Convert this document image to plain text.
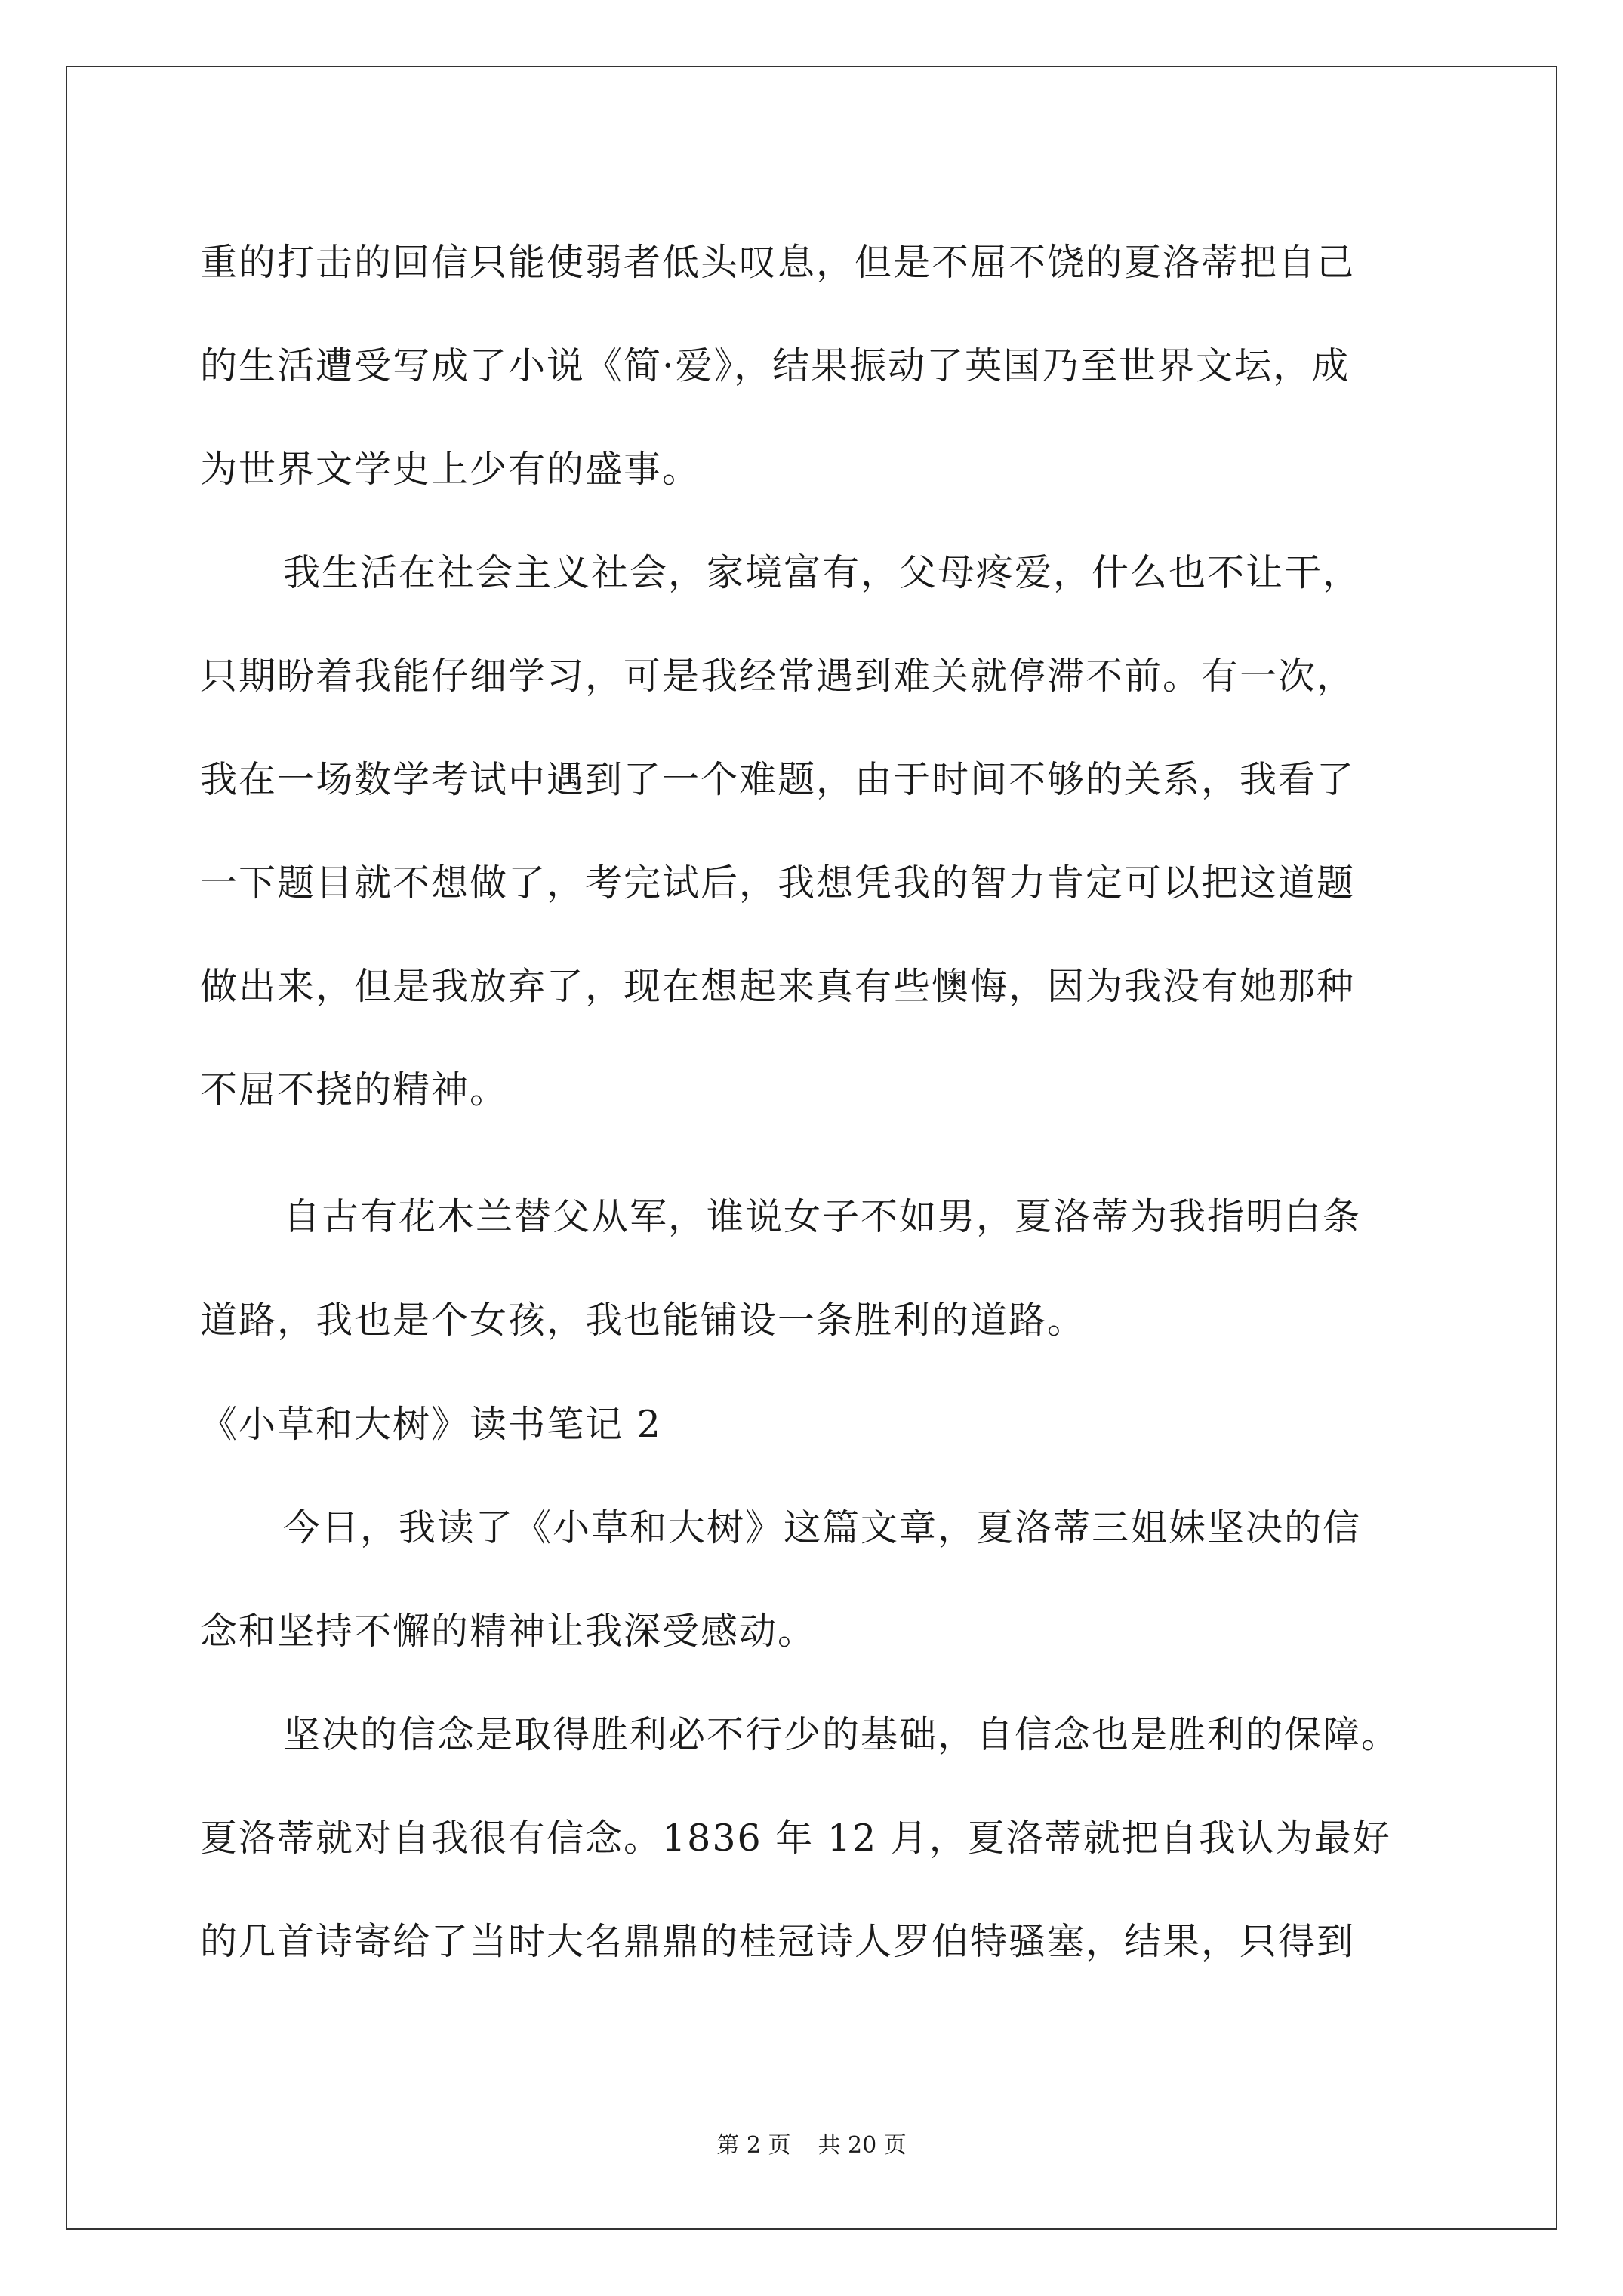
重的打击的回信只能使弱者低头叹息，但是不屈不饶的夏洛蒂把自己
的生活遭受写成了小说《简·爱》，结果振动了英国乃至世界文坛，成
为世界文学史上少有的盛事。
我生活在社会主义社会，家境富有，父母疼爱，什么也不让干，
只期盼着我能仔细学习，可是我经常遇到难关就停滞不前。有一次，
我在一场数学考试中遇到了一个难题，由于时间不够的关系，我看了
一下题目就不想做了，考完试后，我想凭我的智力肯定可以把这道题
做出来，但是我放弃了，现在想起来真有些懊悔，因为我没有她那种
不屈不挠的精神。
自古有花木兰替父从军，谁说女子不如男，夏洛蒂为我指明白条
道路，我也是个女孩，我也能铺设一条胜利的道路。
《小草和大树》读书笔记 2
今日，我读了《小草和大树》这篇文章，夏洛蒂三姐妹坚决的信
念和坚持不懈的精神让我深受感动。
坚决的信念是取得胜利必不行少的基础，自信念也是胜利的保障。
夏洛蒂就对自我很有信念。1836 年 12 月，夏洛蒂就把自我认为最好
的几首诗寄给了当时大名鼎鼎的桂冠诗人罗伯特骚塞，结果，只得到
第 2 页 共 20 页
